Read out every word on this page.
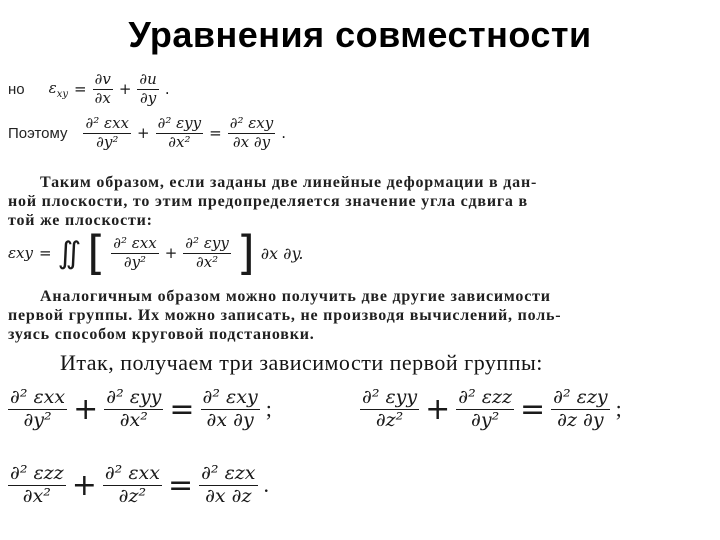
Уравнения совместности
но $\varepsilon_{xy} = \frac{\partial v}{\partial x} + \frac{\partial u}{\partial y}$ .
Поэтому $\frac{\text{∂² εxx}}{\text{∂y²}} + \frac{\text{∂² εyy}}{\text{∂x²}} = \frac{\text{∂² εxy}}{\partial x \partial y}$ .
Таким образом, если заданы две линейные деформации в дан-
ной плоскости, то этим предопределяется значение угла сдвига в
той же плоскости:
εxy = ∬ [ $\frac{\text{∂² εxx}}{\text{∂y²}} + \frac{\text{∂² εyy}}{\text{∂x²}}$ ] ∂x ∂y.
Аналогичным образом можно получить две другие зависимости
первой группы. Их можно записать, не производя вычислений, поль-
зуясь способом круговой подстановки.
Итак, получаем три зависимости первой группы:
$\frac{\text{∂² εxx}}{\text{∂y²}} + \frac{\text{∂² εyy}}{\text{∂x²}} = \frac{\text{∂² εxy}}{\partial x \partial y}$ ;	$\frac{\text{∂² εyy}}{\text{∂z²}} + \frac{\text{∂² εzz}}{\text{∂y²}} = \frac{\text{∂² εzy}}{\partial z \partial y}$ ;
$\frac{\text{∂² εzz}}{\text{∂x²}} + \frac{\text{∂² εxx}}{\text{∂z²}} = \frac{\text{∂² εzx}}{\partial x \partial z}$ .
